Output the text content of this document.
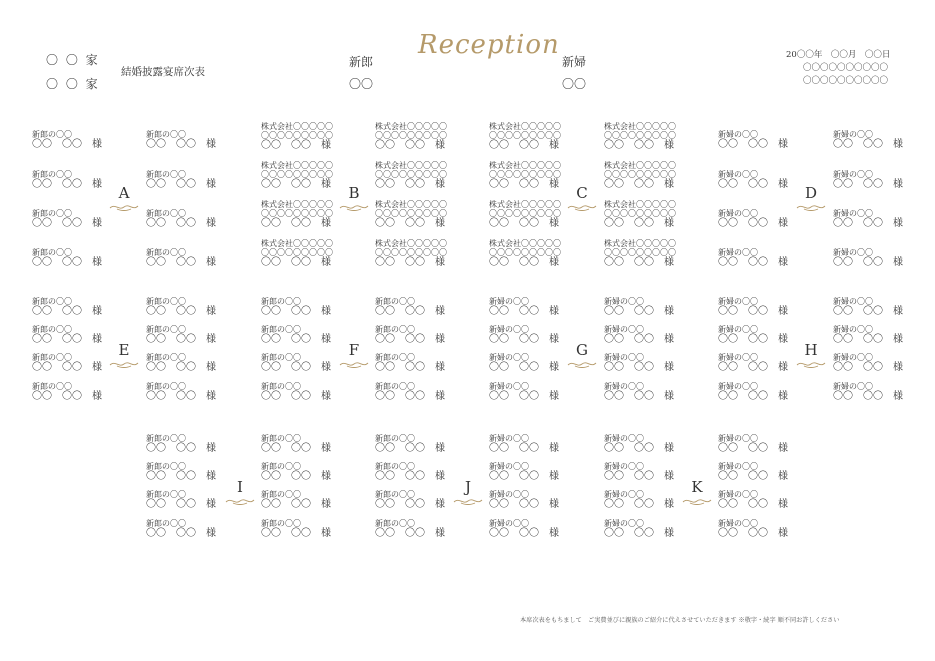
〇 〇 家
〇 〇 家
結婚披露宴席次表
新郎
〇〇
新婦
〇〇
Reception	20〇〇年　〇〇月　〇〇日
〇〇〇〇〇〇〇〇〇〇
〇〇〇〇〇〇〇〇〇〇
新郎の〇〇
〇〇　〇〇　様
新郎の〇〇
〇〇　〇〇　様
新郎の〇〇
〇〇　〇〇　様
新郎の〇〇
〇〇　〇〇　様
新郎の〇〇
〇〇　〇〇　様
新郎の〇〇
〇〇　〇〇　様
新郎の〇〇
〇〇　〇〇　様
新郎の〇〇
〇〇　〇〇　様
株式会社〇〇〇〇〇
〇〇〇〇〇〇〇〇〇
〇〇　〇〇　様
株式会社〇〇〇〇〇
〇〇〇〇〇〇〇〇〇
〇〇　〇〇　様
株式会社〇〇〇〇〇
〇〇〇〇〇〇〇〇〇
〇〇　〇〇　様
株式会社〇〇〇〇〇
〇〇〇〇〇〇〇〇〇
〇〇　〇〇　様
株式会社〇〇〇〇〇
〇〇〇〇〇〇〇〇〇
〇〇　〇〇　様
株式会社〇〇〇〇〇
〇〇〇〇〇〇〇〇〇
〇〇　〇〇　様
株式会社〇〇〇〇〇
〇〇〇〇〇〇〇〇〇
〇〇　〇〇　様
株式会社〇〇〇〇〇
〇〇〇〇〇〇〇〇〇
〇〇　〇〇　様
株式会社〇〇〇〇〇
〇〇〇〇〇〇〇〇〇
〇〇　〇〇　様
株式会社〇〇〇〇〇
〇〇〇〇〇〇〇〇〇
〇〇　〇〇　様
株式会社〇〇〇〇〇
〇〇〇〇〇〇〇〇〇
〇〇　〇〇　様
株式会社〇〇〇〇〇
〇〇〇〇〇〇〇〇〇
〇〇　〇〇　様
株式会社〇〇〇〇〇
〇〇〇〇〇〇〇〇〇
〇〇　〇〇　様
株式会社〇〇〇〇〇
〇〇〇〇〇〇〇〇〇
〇〇　〇〇　様
株式会社〇〇〇〇〇
〇〇〇〇〇〇〇〇〇
〇〇　〇〇　様
株式会社〇〇〇〇〇
〇〇〇〇〇〇〇〇〇
〇〇　〇〇　様
新婦の〇〇
〇〇　〇〇　様
新婦の〇〇
〇〇　〇〇　様
新婦の〇〇
〇〇　〇〇　様
新婦の〇〇
〇〇　〇〇　様
新婦の〇〇
〇〇　〇〇　様
新婦の〇〇
〇〇　〇〇　様
新婦の〇〇
〇〇　〇〇　様
新婦の〇〇
〇〇　〇〇　様
新郎の〇〇
〇〇　〇〇　様
新郎の〇〇
〇〇　〇〇　様
新郎の〇〇
〇〇　〇〇　様
新郎の〇〇
〇〇　〇〇　様
新郎の〇〇
〇〇　〇〇　様
新郎の〇〇
〇〇　〇〇　様
新郎の〇〇
〇〇　〇〇　様
新郎の〇〇
〇〇　〇〇　様
新郎の〇〇
〇〇　〇〇　様
新郎の〇〇
〇〇　〇〇　様
新郎の〇〇
〇〇　〇〇　様
新郎の〇〇
〇〇　〇〇　様
新郎の〇〇
〇〇　〇〇　様
新郎の〇〇
〇〇　〇〇　様
新郎の〇〇
〇〇　〇〇　様
新郎の〇〇
〇〇　〇〇　様
新婦の〇〇
〇〇　〇〇　様
新婦の〇〇
〇〇　〇〇　様
新婦の〇〇
〇〇　〇〇　様
新婦の〇〇
〇〇　〇〇　様
新婦の〇〇
〇〇　〇〇　様
新婦の〇〇
〇〇　〇〇　様
新婦の〇〇
〇〇　〇〇　様
新婦の〇〇
〇〇　〇〇　様
新婦の〇〇
〇〇　〇〇　様
新婦の〇〇
〇〇　〇〇　様
新婦の〇〇
〇〇　〇〇　様
新婦の〇〇
〇〇　〇〇　様
新婦の〇〇
〇〇　〇〇　様
新婦の〇〇
〇〇　〇〇　様
新婦の〇〇
〇〇　〇〇　様
新婦の〇〇
〇〇　〇〇　様
新郎の〇〇
〇〇　〇〇　様
新郎の〇〇
〇〇　〇〇　様
新郎の〇〇
〇〇　〇〇　様
新郎の〇〇
〇〇　〇〇　様
新郎の〇〇
〇〇　〇〇　様
新郎の〇〇
〇〇　〇〇　様
新郎の〇〇
〇〇　〇〇　様
新郎の〇〇
〇〇　〇〇　様
新郎の〇〇
〇〇　〇〇　様
新郎の〇〇
〇〇　〇〇　様
新郎の〇〇
〇〇　〇〇　様
新郎の〇〇
〇〇　〇〇　様
新婦の〇〇
〇〇　〇〇　様
新婦の〇〇
〇〇　〇〇　様
新婦の〇〇
〇〇　〇〇　様
新婦の〇〇
〇〇　〇〇　様
新婦の〇〇
〇〇　〇〇　様
新婦の〇〇
〇〇　〇〇　様
新婦の〇〇
〇〇　〇〇　様
新婦の〇〇
〇〇　〇〇　様
新婦の〇〇
〇〇　〇〇　様
新婦の〇〇
〇〇　〇〇　様
新婦の〇〇
〇〇　〇〇　様
新婦の〇〇
〇〇　〇〇　様
A	B	C	D
E	F	G	H
I	J	K
本席次表をもちまして　ご実費並びに親族のご紹介に代えさせていただきます ※敬字・続字 順不同お許しください
